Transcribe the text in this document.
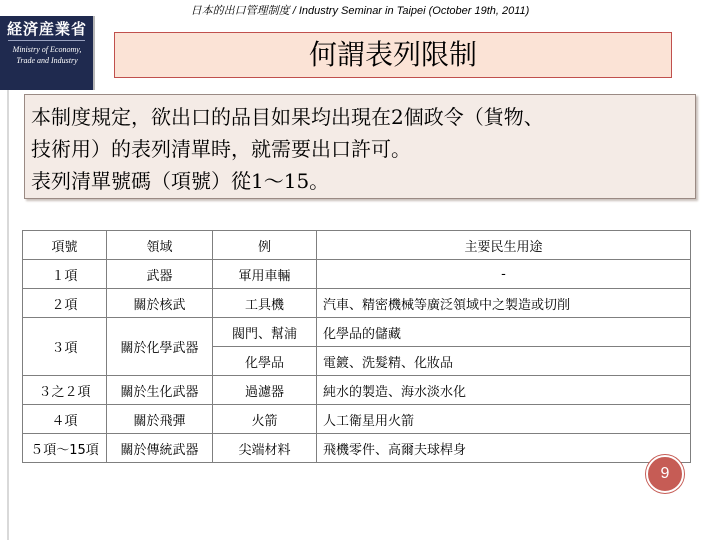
日本的出口管理制度 / Industry Seminar in Taipei (October 19th, 2011)
経済産業省
Ministry of Economy,
Trade and Industry	何謂表列限制
本制度規定，欲出口的品目如果均出現在2個政令（貨物、
技術用）的表列清單時，就需要出口許可。
表列清單號碼（項號）從1～15。
項號	領域	例	主要民生用途
１項	武器	軍用車輛	-
２項	關於核武	工具機	汽車、精密機械等廣泛領域中之製造或切削
３項	關於化學武器	閥門、幫浦	化學品的儲藏
		化學品	電鍍、洗髮精、化妝品
３之２項	關於生化武器	過濾器	純水的製造、海水淡水化
４項	關於飛彈	火箭	人工衛星用火箭
５項～15項	關於傳統武器	尖端材料	飛機零件、高爾夫球桿身
9
